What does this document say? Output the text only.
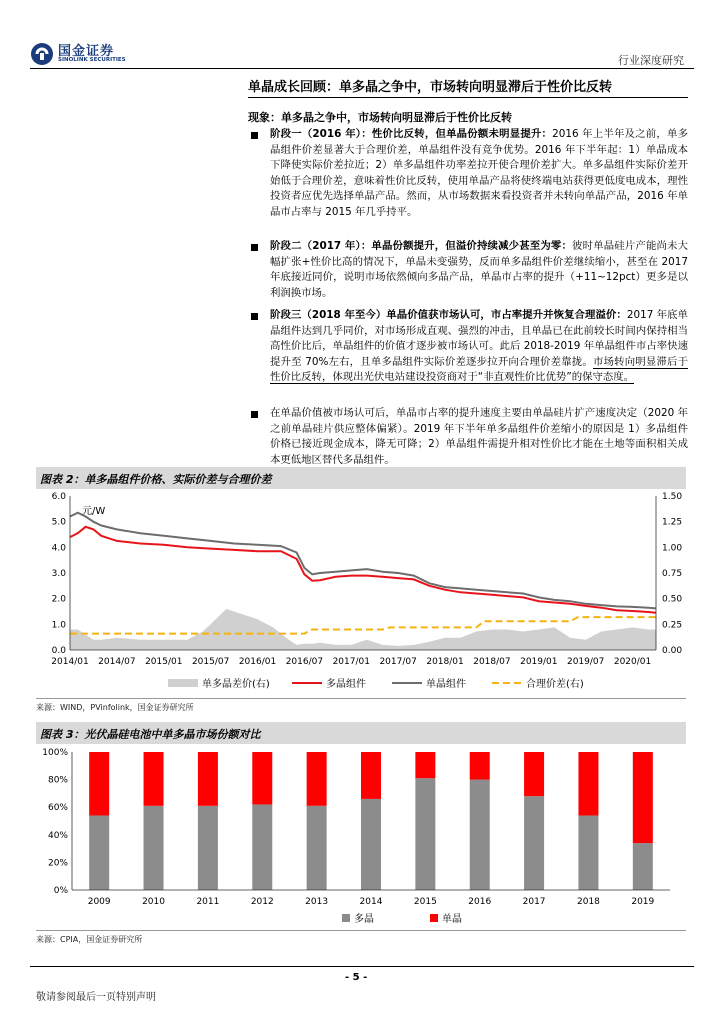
国金证券
SINOLINK SECURITIES	行业深度研究
单晶成长回顾：单多晶之争中，市场转向明显滞后于性价比反转
现象：单多晶之争中，市场转向明显滞后于性价比反转
阶段一（2016 年）：性价比反转，但单晶份额未明显提升：2016 年上半年及之前，单多晶组件价差显著大于合理价差，单晶组件没有竞争优势。2016 年下半年起：1）单晶成本下降使实际价差拉近；2）单多晶组件功率差拉开使合理价差扩大。单多晶组件实际价差开始低于合理价差，意味着性价比反转，使用单晶产品将使终端电站获得更低度电成本，理性投资者应优先选择单晶产品。然而，从市场数据来看投资者并未转向单晶产品，2016 年单晶市占率与 2015 年几乎持平。
阶段二（2017 年）：单晶份额提升，但溢价持续减少甚至为零：彼时单晶硅片产能尚未大幅扩张+性价比高的情况下，单晶未变强势，反而单多晶组件价差继续缩小，甚至在 2017 年底接近同价，说明市场依然倾向多晶产品，单晶市占率的提升（+11~12pct）更多是以利润换市场。
阶段三（2018 年至今）单晶价值获市场认可，市占率提升并恢复合理溢价：2017 年底单晶组件达到几乎同价，对市场形成直观、强烈的冲击，且单晶已在此前较长时间内保持相当高性价比后，单晶组件的价值才逐步被市场认可。此后 2018-2019 年单晶组件市占率快速提升至 70%左右，且单多晶组件实际价差逐步拉开向合理价差靠拢。市场转向明显滞后于性价比反转，体现出光伏电站建设投资商对于“非直观性价比优势”的保守态度。
在单晶价值被市场认可后，单晶市占率的提升速度主要由单晶硅片扩产速度决定（2020 年之前单晶硅片供应整体偏紧）。2019 年下半年单多晶组件价差缩小的原因是 1）多晶组件价格已接近现金成本，降无可降；2）单晶组件需提升相对性价比才能在土地等面积相关成本更低地区替代多晶组件。
图表 2：单多晶组件价格、实际价差与合理价差
0.0
1.0
2.0
3.0
4.0
5.0
6.0
0.00
0.25
0.50
0.75
1.00
1.25
1.50
2014/01 2014/07 2015/01 2015/07 2016/01 2016/07 2017/01 2017/07 2018/01 2018/07 2019/01 2019/07 2020/01
元/W
单多晶差价(右)	多晶组件	单晶组件	合理价差(右)
来源：WIND，PVinfolink，国金证券研究所
图表 3：光伏晶硅电池中单多晶市场份额对比
0%
20%
40%
60%
80%
100%
2009	2010	2011	2012	2013	2014	2015	2016	2017	2018	2019
多晶	单晶
来源：CPIA，国金证券研究所
- 5 -
敬请参阅最后一页特别声明
